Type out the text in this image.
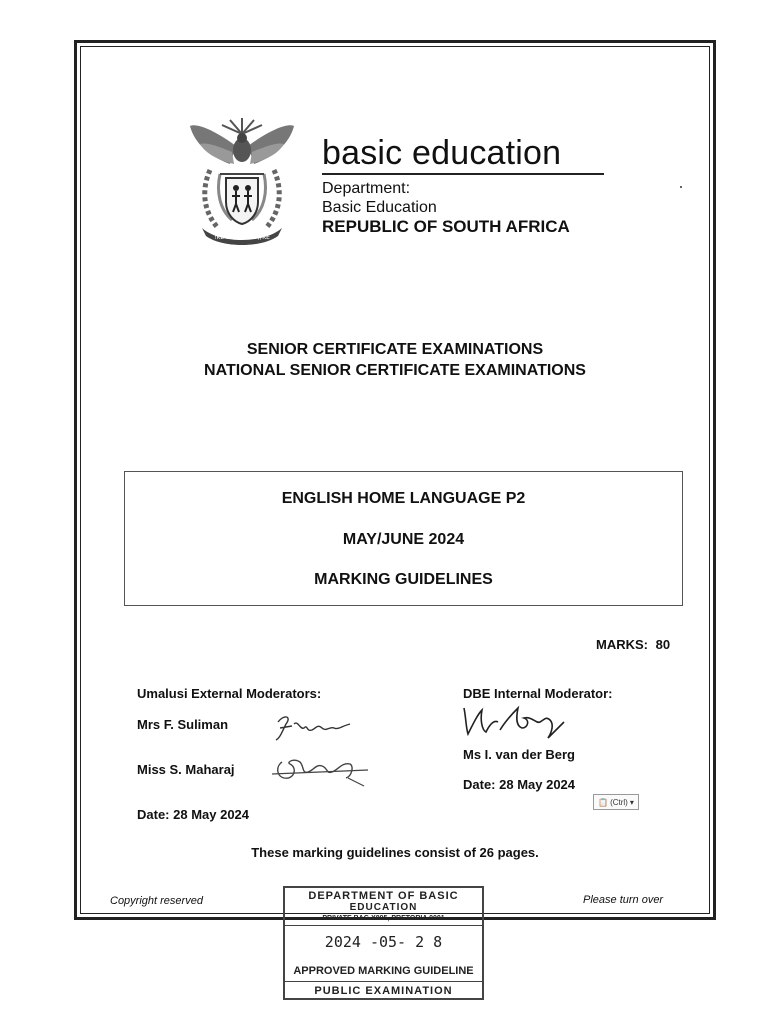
!KE E: /XARRA //KE
basic education
Department:
Basic Education
REPUBLIC OF SOUTH AFRICA
SENIOR CERTIFICATE EXAMINATIONS
NATIONAL SENIOR CERTIFICATE EXAMINATIONS
ENGLISH HOME LANGUAGE P2
MAY/JUNE 2024
MARKING GUIDELINES
MARKS: 80
Umalusi External Moderators:
Mrs F. Suliman
Miss S. Maharaj
Date: 28 May 2024
DBE Internal Moderator:
Ms I. van der Berg
Date: 28 May 2024
📋 (Ctrl) ▾
These marking guidelines consist of 26 pages.
Copyright reserved	Please turn over
DEPARTMENT OF BASIC
EDUCATION
PRIVATE BAG X895, PRETORIA 0001
2024 -05- 2 8
APPROVED MARKING GUIDELINE
PUBLIC EXAMINATION
